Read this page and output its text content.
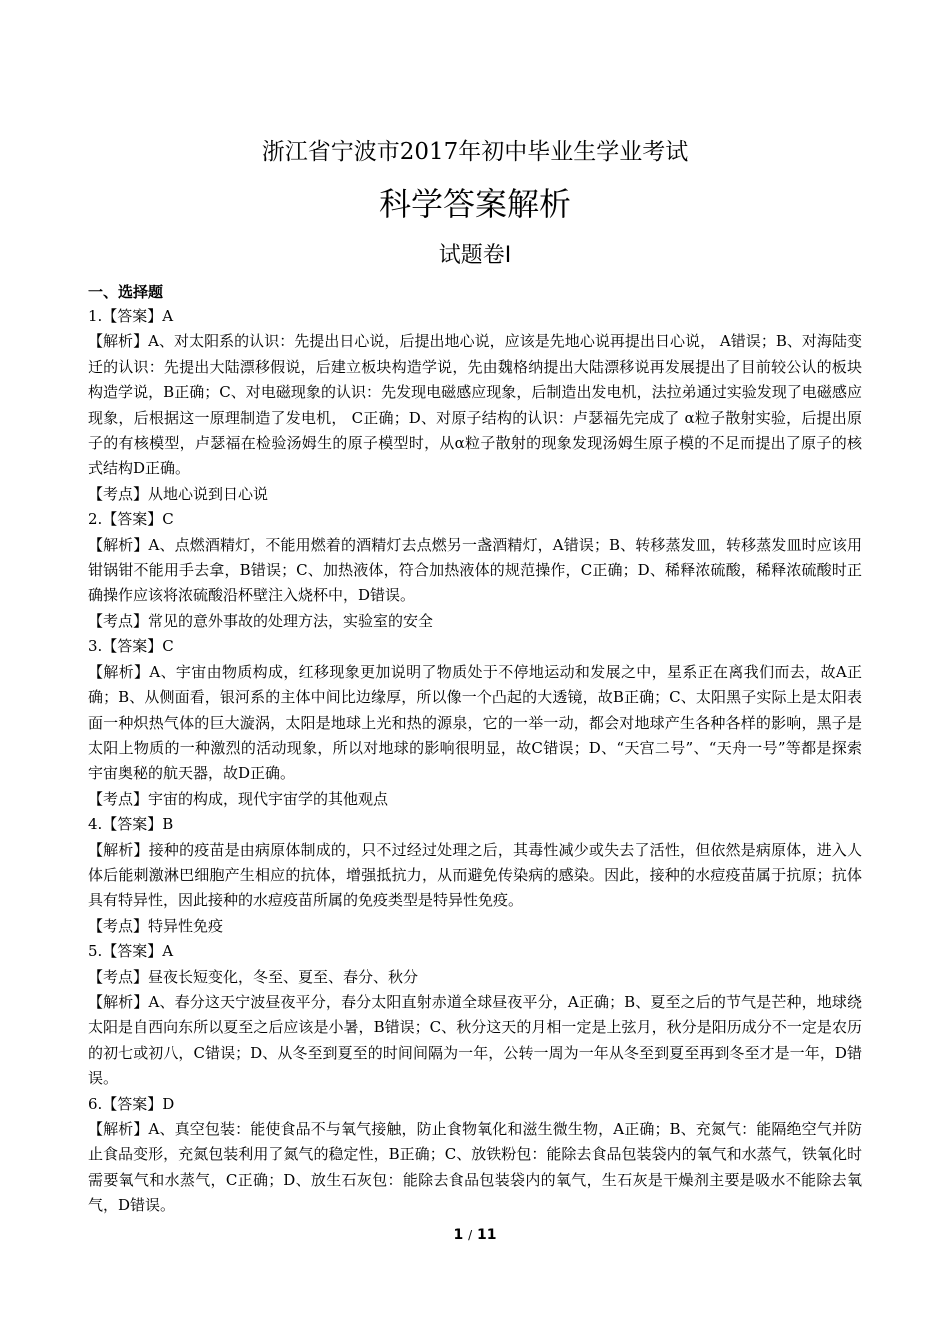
浙江省宁波市2017年初中毕业生学业考试
科学答案解析
试题卷Ⅰ
一、选择题

1.【答案】A

【解析】A、对太阳系的认识：先提出日心说，后提出地心说，应该是先地心说再提出日心说， A错误；B、对海陆变迁的认识：先提出大陆漂移假说，后建立板块构造学说，先由魏格纳提出大陆漂移说再发展提出了目前较公认的板块构造学说，B正确；C、对电磁现象的认识：先发现电磁感应现象，后制造出发电机，法拉弟通过实验发现了电磁感应现象，后根据这一原理制造了发电机， C正确；D、对原子结构的认识：卢瑟福先完成了 α粒子散射实验，后提出原子的有核模型，卢瑟福在检验汤姆生的原子模型时，从α粒子散射的现象发现汤姆生原子模的不足而提出了原子的核式结构D正确。

【考点】从地心说到日心说

2.【答案】C

【解析】A、点燃酒精灯，不能用燃着的酒精灯去点燃另一盏酒精灯，A错误；B、转移蒸发皿，转移蒸发皿时应该用钳锅钳不能用手去拿，B错误；C、加热液体，符合加热液体的规范操作，C正确；D、稀释浓硫酸，稀释浓硫酸时正确操作应该将浓硫酸沿杯壁注入烧杯中，D错误。

【考点】常见的意外事故的处理方法，实验室的安全

3.【答案】C

【解析】A、宇宙由物质构成，红移现象更加说明了物质处于不停地运动和发展之中，星系正在离我们而去，故A正确；B、从侧面看，银河系的主体中间比边缘厚，所以像一个凸起的大透镜，故B正确；C、太阳黑子实际上是太阳表面一种炽热气体的巨大漩涡，太阳是地球上光和热的源泉，它的一举一动，都会对地球产生各种各样的影响，黑子是太阳上物质的一种激烈的活动现象，所以对地球的影响很明显，故C错误；D、“天宫二号”、“天舟一号”等都是探索宇宙奥秘的航天器，故D正确。

【考点】宇宙的构成，现代宇宙学的其他观点

4.【答案】B

【解析】接种的疫苗是由病原体制成的，只不过经过处理之后，其毒性减少或失去了活性，但依然是病原体，进入人体后能刺激淋巴细胞产生相应的抗体，增强抵抗力，从而避免传染病的感染。因此，接种的水痘疫苗属于抗原；抗体具有特异性，因此接种的水痘疫苗所属的免疫类型是特异性免疫。

【考点】特异性免疫

5.【答案】A

【考点】昼夜长短变化，冬至、夏至、春分、秋分

【解析】A、春分这天宁波昼夜平分，春分太阳直射赤道全球昼夜平分，A正确；B、夏至之后的节气是芒种，地球绕太阳是自西向东所以夏至之后应该是小暑，B错误；C、秋分这天的月相一定是上弦月，秋分是阳历成分不一定是农历的初七或初八，C错误；D、从冬至到夏至的时间间隔为一年，公转一周为一年从冬至到夏至再到冬至才是一年，D错误。

6.【答案】D

【解析】A、真空包装：能使食品不与氧气接触，防止食物氧化和滋生微生物，A正确；B、充氮气：能隔绝空气并防止食品变形，充氮包装利用了氮气的稳定性，B正确；C、放铁粉包：能除去食品包装袋内的氧气和水蒸气，铁氧化时需要氧气和水蒸气，C正确；D、放生石灰包：能除去食品包装袋内的氧气，生石灰是干燥剂主要是吸水不能除去氧气，D错误。

1 / 11
